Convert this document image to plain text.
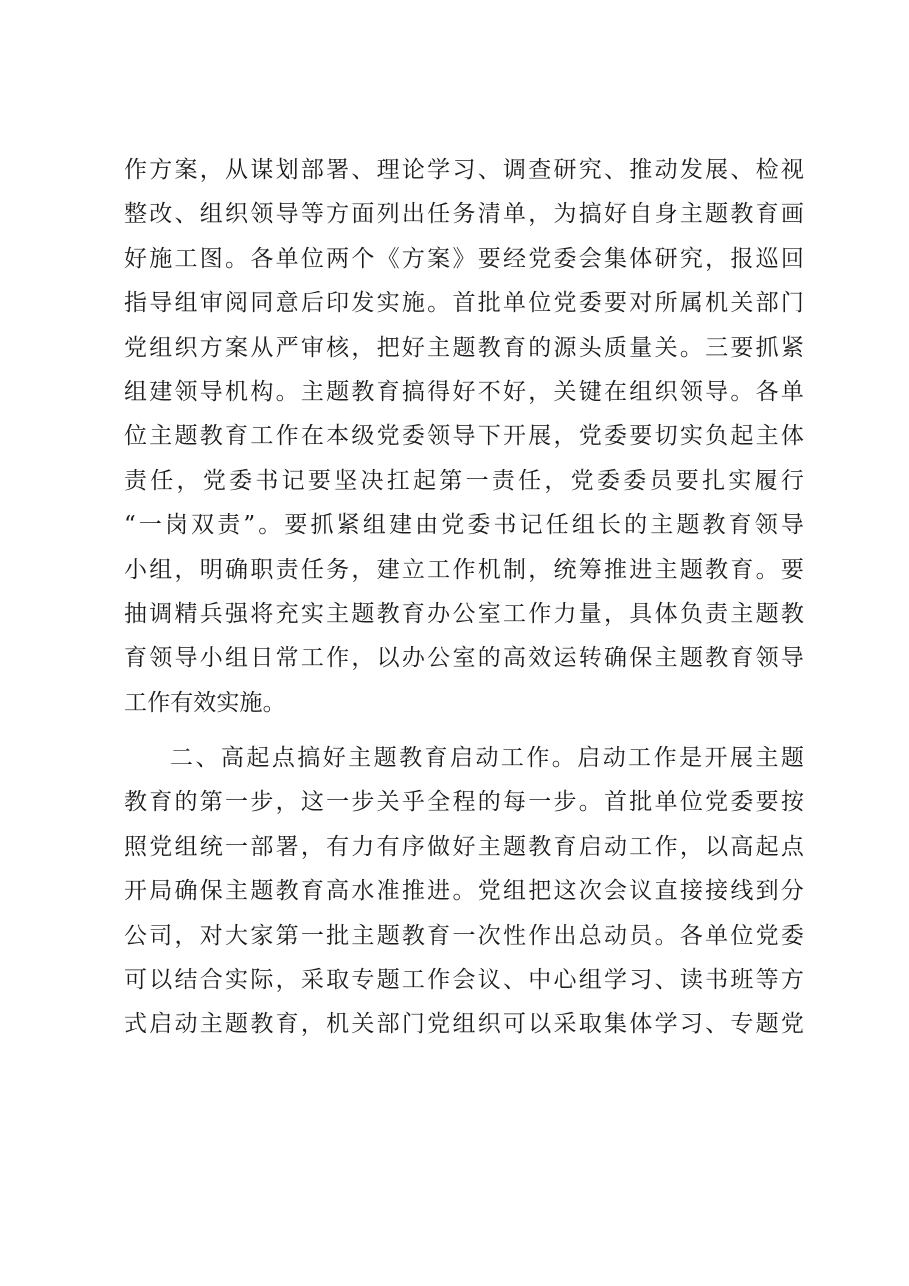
作方案，从谋划部署、理论学习、调查研究、推动发展、检视
整改、组织领导等方面列出任务清单，为搞好自身主题教育画
好施工图。各单位两个《方案》要经党委会集体研究，报巡回
指导组审阅同意后印发实施。首批单位党委要对所属机关部门
党组织方案从严审核，把好主题教育的源头质量关。三要抓紧
组建领导机构。主题教育搞得好不好，关键在组织领导。各单
位主题教育工作在本级党委领导下开展，党委要切实负起主体
责任，党委书记要坚决扛起第一责任，党委委员要扎实履行
“一岗双责”。要抓紧组建由党委书记任组长的主题教育领导
小组，明确职责任务，建立工作机制，统筹推进主题教育。要
抽调精兵强将充实主题教育办公室工作力量，具体负责主题教
育领导小组日常工作，以办公室的高效运转确保主题教育领导
工作有效实施。
二、高起点搞好主题教育启动工作。启动工作是开展主题
教育的第一步，这一步关乎全程的每一步。首批单位党委要按
照党组统一部署，有力有序做好主题教育启动工作，以高起点
开局确保主题教育高水准推进。党组把这次会议直接接线到分
公司，对大家第一批主题教育一次性作出总动员。各单位党委
可以结合实际，采取专题工作会议、中心组学习、读书班等方
式启动主题教育，机关部门党组织可以采取集体学习、专题党
